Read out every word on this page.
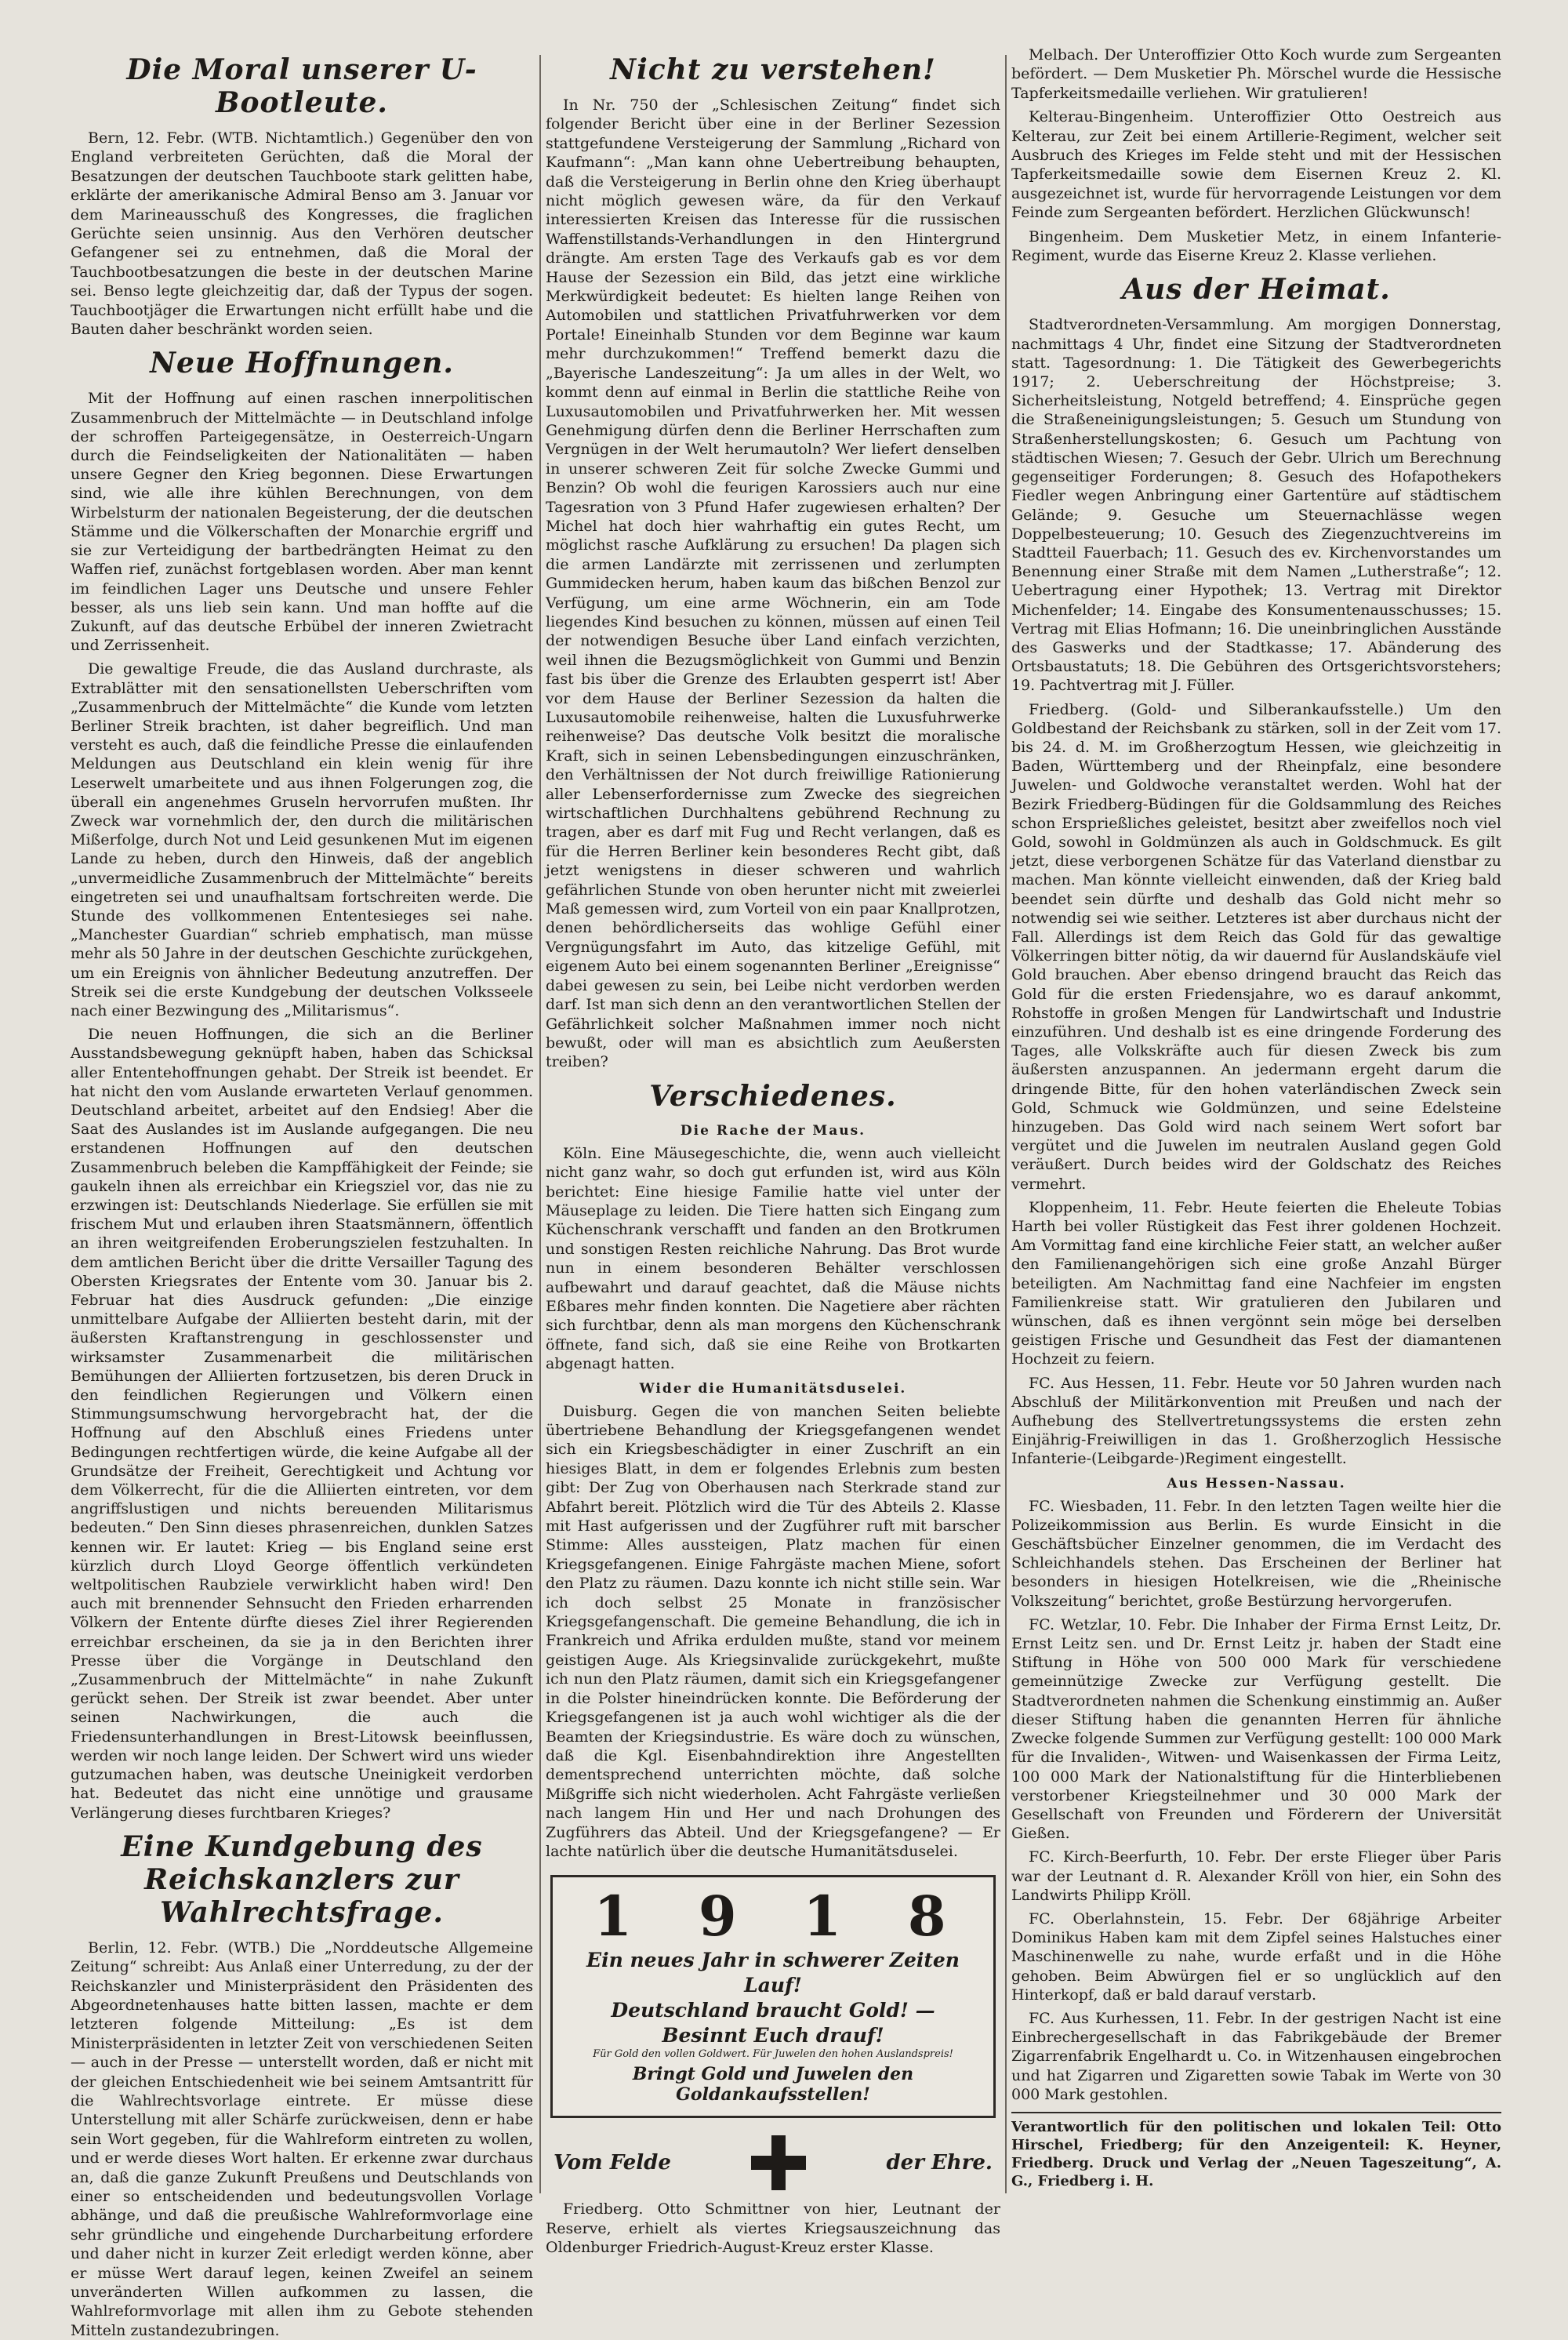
Die Moral unserer U-Bootleute.

Bern, 12. Febr. (WTB. Nichtamtlich.) Gegenüber den von England verbreiteten Gerüchten, daß die Moral der Besatzungen der deutschen Tauchboote stark gelitten habe, erklärte der amerikanische Admiral Benso am 3. Januar vor dem Marineausschuß des Kongresses, die fraglichen Gerüchte seien unsinnig. Aus den Verhören deutscher Gefangener sei zu entnehmen, daß die Moral der Tauchbootbesatzungen die beste in der deutschen Marine sei. Benso legte gleichzeitig dar, daß der Typus der sogen. Tauchbootjäger die Erwartungen nicht erfüllt habe und die Bauten daher beschränkt worden seien.

Neue Hoffnungen.

Mit der Hoffnung auf einen raschen innerpolitischen Zusammenbruch der Mittelmächte — in Deutschland infolge der schroffen Parteigegensätze, in Oesterreich-Ungarn durch die Feindseligkeiten der Nationalitäten — haben unsere Gegner den Krieg begonnen. Diese Erwartungen sind, wie alle ihre kühlen Berechnungen, von dem Wirbelsturm der nationalen Begeisterung, der die deutschen Stämme und die Völkerschaften der Monarchie ergriff und sie zur Verteidigung der bartbedrängten Heimat zu den Waffen rief, zunächst fortgeblasen worden. Aber man kennt im feindlichen Lager uns Deutsche und unsere Fehler besser, als uns lieb sein kann. Und man hoffte auf die Zukunft, auf das deutsche Erbübel der inneren Zwietracht und Zerrissenheit.

Die gewaltige Freude, die das Ausland durchraste, als Extrablätter mit den sensationellsten Ueberschriften vom „Zusammenbruch der Mittelmächte“ die Kunde vom letzten Berliner Streik brachten, ist daher begreiflich. Und man versteht es auch, daß die feindliche Presse die einlaufenden Meldungen aus Deutschland ein klein wenig für ihre Leserwelt umarbeitete und aus ihnen Folgerungen zog, die überall ein angenehmes Gruseln hervorrufen mußten. Ihr Zweck war vornehmlich der, den durch die militärischen Mißerfolge, durch Not und Leid gesunkenen Mut im eigenen Lande zu heben, durch den Hinweis, daß der angeblich „unvermeidliche Zusammenbruch der Mittelmächte“ bereits eingetreten sei und unaufhaltsam fortschreiten werde. Die Stunde des vollkommenen Ententesieges sei nahe. „Manchester Guardian“ schrieb emphatisch, man müsse mehr als 50 Jahre in der deutschen Geschichte zurückgehen, um ein Ereignis von ähnlicher Bedeutung anzutreffen. Der Streik sei die erste Kundgebung der deutschen Volksseele nach einer Bezwingung des „Militarismus“.

Die neuen Hoffnungen, die sich an die Berliner Ausstandsbewegung geknüpft haben, haben das Schicksal aller Ententehoffnungen gehabt. Der Streik ist beendet. Er hat nicht den vom Auslande erwarteten Verlauf genommen. Deutschland arbeitet, arbeitet auf den Endsieg! Aber die Saat des Auslandes ist im Auslande aufgegangen. Die neu erstandenen Hoffnungen auf den deutschen Zusammenbruch beleben die Kampffähigkeit der Feinde; sie gaukeln ihnen als erreichbar ein Kriegsziel vor, das nie zu erzwingen ist: Deutschlands Niederlage. Sie erfüllen sie mit frischem Mut und erlauben ihren Staatsmännern, öffentlich an ihren weitgreifenden Eroberungszielen festzuhalten. In dem amtlichen Bericht über die dritte Versailler Tagung des Obersten Kriegsrates der Entente vom 30. Januar bis 2. Februar hat dies Ausdruck gefunden: „Die einzige unmittelbare Aufgabe der Alliierten besteht darin, mit der äußersten Kraftanstrengung in geschlossenster und wirksamster Zusammenarbeit die militärischen Bemühungen der Alliierten fortzusetzen, bis deren Druck in den feindlichen Regierungen und Völkern einen Stimmungsumschwung hervorgebracht hat, der die Hoffnung auf den Abschluß eines Friedens unter Bedingungen rechtfertigen würde, die keine Aufgabe all der Grundsätze der Freiheit, Gerechtigkeit und Achtung vor dem Völkerrecht, für die die Alliierten eintreten, vor dem angriffslustigen und nichts bereuenden Militarismus bedeuten.“ Den Sinn dieses phrasenreichen, dunklen Satzes kennen wir. Er lautet: Krieg — bis England seine erst kürzlich durch Lloyd George öffentlich verkündeten weltpolitischen Raubziele verwirklicht haben wird! Den auch mit brennender Sehnsucht den Frieden erharrenden Völkern der Entente dürfte dieses Ziel ihrer Regierenden erreichbar erscheinen, da sie ja in den Berichten ihrer Presse über die Vorgänge in Deutschland den „Zusammenbruch der Mittelmächte“ in nahe Zukunft gerückt sehen. Der Streik ist zwar beendet. Aber unter seinen Nachwirkungen, die auch die Friedensunterhandlungen in Brest-Litowsk beeinflussen, werden wir noch lange leiden. Der Schwert wird uns wieder gutzumachen haben, was deutsche Uneinigkeit verdorben hat. Bedeutet das nicht eine unnötige und grausame Verlängerung dieses furchtbaren Krieges?

Eine Kundgebung des Reichskanzlers zur Wahlrechtsfrage.

Berlin, 12. Febr. (WTB.) Die „Norddeutsche Allgemeine Zeitung“ schreibt: Aus Anlaß einer Unterredung, zu der der Reichskanzler und Ministerpräsident den Präsidenten des Abgeordnetenhauses hatte bitten lassen, machte er dem letzteren folgende Mitteilung: „Es ist dem Ministerpräsidenten in letzter Zeit von verschiedenen Seiten — auch in der Presse — unterstellt worden, daß er nicht mit der gleichen Entschiedenheit wie bei seinem Amtsantritt für die Wahlrechtsvorlage eintrete. Er müsse diese Unterstellung mit aller Schärfe zurückweisen, denn er habe sein Wort gegeben, für die Wahlreform eintreten zu wollen, und er werde dieses Wort halten. Er erkenne zwar durchaus an, daß die ganze Zukunft Preußens und Deutschlands von einer so entscheidenden und bedeutungsvollen Vorlage abhänge, und daß die preußische Wahlreformvorlage eine sehr gründliche und eingehende Durcharbeitung erfordere und daher nicht in kurzer Zeit erledigt werden könne, aber er müsse Wert darauf legen, keinen Zweifel an seinem unveränderten Willen aufkommen zu lassen, die Wahlreformvorlage mit allen ihm zu Gebote stehenden Mitteln zustandezubringen.

Nicht zu verstehen!

In Nr. 750 der „Schlesischen Zeitung“ findet sich folgender Bericht über eine in der Berliner Sezession stattgefundene Versteigerung der Sammlung „Richard von Kaufmann“: „Man kann ohne Uebertreibung behaupten, daß die Versteigerung in Berlin ohne den Krieg überhaupt nicht möglich gewesen wäre, da für den Verkauf interessierten Kreisen das Interesse für die russischen Waffenstillstands-Verhandlungen in den Hintergrund drängte. Am ersten Tage des Verkaufs gab es vor dem Hause der Sezession ein Bild, das jetzt eine wirkliche Merkwürdigkeit bedeutet: Es hielten lange Reihen von Automobilen und stattlichen Privatfuhrwerken vor dem Portale! Eineinhalb Stunden vor dem Beginne war kaum mehr durchzukommen!“ Treffend bemerkt dazu die „Bayerische Landeszeitung“: Ja um alles in der Welt, wo kommt denn auf einmal in Berlin die stattliche Reihe von Luxusautomobilen und Privatfuhrwerken her. Mit wessen Genehmigung dürfen denn die Berliner Herrschaften zum Vergnügen in der Welt herumautoln? Wer liefert denselben in unserer schweren Zeit für solche Zwecke Gummi und Benzin? Ob wohl die feurigen Karossiers auch nur eine Tagesration von 3 Pfund Hafer zugewiesen erhalten? Der Michel hat doch hier wahrhaftig ein gutes Recht, um möglichst rasche Aufklärung zu ersuchen! Da plagen sich die armen Landärzte mit zerrissenen und zerlumpten Gummidecken herum, haben kaum das bißchen Benzol zur Verfügung, um eine arme Wöchnerin, ein am Tode liegendes Kind besuchen zu können, müssen auf einen Teil der notwendigen Besuche über Land einfach verzichten, weil ihnen die Bezugsmöglichkeit von Gummi und Benzin fast bis über die Grenze des Erlaubten gesperrt ist! Aber vor dem Hause der Berliner Sezession da halten die Luxusautomobile reihenweise, halten die Luxusfuhrwerke reihenweise? Das deutsche Volk besitzt die moralische Kraft, sich in seinen Lebensbedingungen einzuschränken, den Verhältnissen der Not durch freiwillige Rationierung aller Lebenserfordernisse zum Zwecke des siegreichen wirtschaftlichen Durchhaltens gebührend Rechnung zu tragen, aber es darf mit Fug und Recht verlangen, daß es für die Herren Berliner kein besonderes Recht gibt, daß jetzt wenigstens in dieser schweren und wahrlich gefährlichen Stunde von oben herunter nicht mit zweierlei Maß gemessen wird, zum Vorteil von ein paar Knallprotzen, denen behördlicherseits das wohlige Gefühl einer Vergnügungsfahrt im Auto, das kitzelige Gefühl, mit eigenem Auto bei einem sogenannten Berliner „Ereignisse“ dabei gewesen zu sein, bei Leibe nicht verdorben werden darf. Ist man sich denn an den verantwortlichen Stellen der Gefährlichkeit solcher Maßnahmen immer noch nicht bewußt, oder will man es absichtlich zum Aeußersten treiben?

Verschiedenes.
Die Rache der Maus.

Köln. Eine Mäusegeschichte, die, wenn auch vielleicht nicht ganz wahr, so doch gut erfunden ist, wird aus Köln berichtet: Eine hiesige Familie hatte viel unter der Mäuseplage zu leiden. Die Tiere hatten sich Eingang zum Küchenschrank verschafft und fanden an den Brotkrumen und sonstigen Resten reichliche Nahrung. Das Brot wurde nun in einem besonderen Behälter verschlossen aufbewahrt und darauf geachtet, daß die Mäuse nichts Eßbares mehr finden konnten. Die Nagetiere aber rächten sich furchtbar, denn als man morgens den Küchenschrank öffnete, fand sich, daß sie eine Reihe von Brotkarten abgenagt hatten.

Wider die Humanitätsduselei.

Duisburg. Gegen die von manchen Seiten beliebte übertriebene Behandlung der Kriegsgefangenen wendet sich ein Kriegsbeschädigter in einer Zuschrift an ein hiesiges Blatt, in dem er folgendes Erlebnis zum besten gibt: Der Zug von Oberhausen nach Sterkrade stand zur Abfahrt bereit. Plötzlich wird die Tür des Abteils 2. Klasse mit Hast aufgerissen und der Zugführer ruft mit barscher Stimme: Alles aussteigen, Platz machen für einen Kriegsgefangenen. Einige Fahrgäste machen Miene, sofort den Platz zu räumen. Dazu konnte ich nicht stille sein. War ich doch selbst 25 Monate in französischer Kriegsgefangenschaft. Die gemeine Behandlung, die ich in Frankreich und Afrika erdulden mußte, stand vor meinem geistigen Auge. Als Kriegsinvalide zurückgekehrt, mußte ich nun den Platz räumen, damit sich ein Kriegsgefangener in die Polster hineindrücken konnte. Die Beförderung der Kriegsgefangenen ist ja auch wohl wichtiger als die der Beamten der Kriegsindustrie. Es wäre doch zu wünschen, daß die Kgl. Eisenbahndirektion ihre Angestellten dementsprechend unterrichten möchte, daß solche Mißgriffe sich nicht wiederholen. Acht Fahrgäste verließen nach langem Hin und Her und nach Drohungen des Zugführers das Abteil. Und der Kriegsgefangene? — Er lachte natürlich über die deutsche Humanitätsduselei.

1 9 1 8
Ein neues Jahr in schwerer Zeiten Lauf!
Deutschland braucht Gold! —
Besinnt Euch drauf!
Für Gold den vollen Goldwert. Für Juwelen den hohen Auslandspreis!
Bringt Gold und Juwelen den Goldankaufsstellen!
Vom Felde	der Ehre.

Friedberg. Otto Schmittner von hier, Leutnant der Reserve, erhielt als viertes Kriegsauszeichnung das Oldenburger Friedrich-August-Kreuz erster Klasse.

Melbach. Der Unteroffizier Otto Koch wurde zum Sergeanten befördert. — Dem Musketier Ph. Mörschel wurde die Hessische Tapferkeitsmedaille verliehen. Wir gratulieren!

Kelterau-Bingenheim. Unteroffizier Otto Oestreich aus Kelterau, zur Zeit bei einem Artillerie-Regiment, welcher seit Ausbruch des Krieges im Felde steht und mit der Hessischen Tapferkeitsmedaille sowie dem Eisernen Kreuz 2. Kl. ausgezeichnet ist, wurde für hervorragende Leistungen vor dem Feinde zum Sergeanten befördert. Herzlichen Glückwunsch!

Bingenheim. Dem Musketier Metz, in einem Infanterie-Regiment, wurde das Eiserne Kreuz 2. Klasse verliehen.

Aus der Heimat.

Stadtverordneten-Versammlung. Am morgigen Donnerstag, nachmittags 4 Uhr, findet eine Sitzung der Stadtverordneten statt. Tagesordnung: 1. Die Tätigkeit des Gewerbegerichts 1917; 2. Ueberschreitung der Höchstpreise; 3. Sicherheitsleistung, Notgeld betreffend; 4. Einsprüche gegen die Straßeneinigungsleistungen; 5. Gesuch um Stundung von Straßenherstellungskosten; 6. Gesuch um Pachtung von städtischen Wiesen; 7. Gesuch der Gebr. Ulrich um Berechnung gegenseitiger Forderungen; 8. Gesuch des Hofapothekers Fiedler wegen Anbringung einer Gartentüre auf städtischem Gelände; 9. Gesuche um Steuernachlässe wegen Doppelbesteuerung; 10. Gesuch des Ziegenzuchtvereins im Stadtteil Fauerbach; 11. Gesuch des ev. Kirchenvorstandes um Benennung einer Straße mit dem Namen „Lutherstraße“; 12. Uebertragung einer Hypothek; 13. Vertrag mit Direktor Michenfelder; 14. Eingabe des Konsumentenausschusses; 15. Vertrag mit Elias Hofmann; 16. Die uneinbringlichen Ausstände des Gaswerks und der Stadtkasse; 17. Abänderung des Ortsbaustatuts; 18. Die Gebühren des Ortsgerichtsvorstehers; 19. Pachtvertrag mit J. Füller.

Friedberg. (Gold- und Silberankaufsstelle.) Um den Goldbestand der Reichsbank zu stärken, soll in der Zeit vom 17. bis 24. d. M. im Großherzogtum Hessen, wie gleichzeitig in Baden, Württemberg und der Rheinpfalz, eine besondere Juwelen- und Goldwoche veranstaltet werden. Wohl hat der Bezirk Friedberg-Büdingen für die Goldsammlung des Reiches schon Ersprießliches geleistet, besitzt aber zweifellos noch viel Gold, sowohl in Goldmünzen als auch in Goldschmuck. Es gilt jetzt, diese verborgenen Schätze für das Vaterland dienstbar zu machen. Man könnte vielleicht einwenden, daß der Krieg bald beendet sein dürfte und deshalb das Gold nicht mehr so notwendig sei wie seither. Letzteres ist aber durchaus nicht der Fall. Allerdings ist dem Reich das Gold für das gewaltige Völkerringen bitter nötig, da wir dauernd für Auslandskäufe viel Gold brauchen. Aber ebenso dringend braucht das Reich das Gold für die ersten Friedensjahre, wo es darauf ankommt, Rohstoffe in großen Mengen für Landwirtschaft und Industrie einzuführen. Und deshalb ist es eine dringende Forderung des Tages, alle Volkskräfte auch für diesen Zweck bis zum äußersten anzuspannen. An jedermann ergeht darum die dringende Bitte, für den hohen vaterländischen Zweck sein Gold, Schmuck wie Goldmünzen, und seine Edelsteine hinzugeben. Das Gold wird nach seinem Wert sofort bar vergütet und die Juwelen im neutralen Ausland gegen Gold veräußert. Durch beides wird der Goldschatz des Reiches vermehrt.

Kloppenheim, 11. Febr. Heute feierten die Eheleute Tobias Harth bei voller Rüstigkeit das Fest ihrer goldenen Hochzeit. Am Vormittag fand eine kirchliche Feier statt, an welcher außer den Familienangehörigen sich eine große Anzahl Bürger beteiligten. Am Nachmittag fand eine Nachfeier im engsten Familienkreise statt. Wir gratulieren den Jubilaren und wünschen, daß es ihnen vergönnt sein möge bei derselben geistigen Frische und Gesundheit das Fest der diamantenen Hochzeit zu feiern.

FC. Aus Hessen, 11. Febr. Heute vor 50 Jahren wurden nach Abschluß der Militärkonvention mit Preußen und nach der Aufhebung des Stellvertretungssystems die ersten zehn Einjährig-Freiwilligen in das 1. Großherzoglich Hessische Infanterie-(Leibgarde-)Regiment eingestellt.

Aus Hessen-Nassau.

FC. Wiesbaden, 11. Febr. In den letzten Tagen weilte hier die Polizeikommission aus Berlin. Es wurde Einsicht in die Geschäftsbücher Einzelner genommen, die im Verdacht des Schleichhandels stehen. Das Erscheinen der Berliner hat besonders in hiesigen Hotelkreisen, wie die „Rheinische Volkszeitung“ berichtet, große Bestürzung hervorgerufen.

FC. Wetzlar, 10. Febr. Die Inhaber der Firma Ernst Leitz, Dr. Ernst Leitz sen. und Dr. Ernst Leitz jr. haben der Stadt eine Stiftung in Höhe von 500 000 Mark für verschiedene gemeinnützige Zwecke zur Verfügung gestellt. Die Stadtverordneten nahmen die Schenkung einstimmig an. Außer dieser Stiftung haben die genannten Herren für ähnliche Zwecke folgende Summen zur Verfügung gestellt: 100 000 Mark für die Invaliden-, Witwen- und Waisenkassen der Firma Leitz, 100 000 Mark der Nationalstiftung für die Hinterbliebenen verstorbener Kriegsteilnehmer und 30 000 Mark der Gesellschaft von Freunden und Förderern der Universität Gießen.

FC. Kirch-Beerfurth, 10. Febr. Der erste Flieger über Paris war der Leutnant d. R. Alexander Kröll von hier, ein Sohn des Landwirts Philipp Kröll.

FC. Oberlahnstein, 15. Febr. Der 68jährige Arbeiter Dominikus Haben kam mit dem Zipfel seines Halstuches einer Maschinenwelle zu nahe, wurde erfaßt und in die Höhe gehoben. Beim Abwürgen fiel er so unglücklich auf den Hinterkopf, daß er bald darauf verstarb.

FC. Aus Kurhessen, 11. Febr. In der gestrigen Nacht ist eine Einbrechergesellschaft in das Fabrikgebäude der Bremer Zigarrenfabrik Engelhardt u. Co. in Witzenhausen eingebrochen und hat Zigarren und Zigaretten sowie Tabak im Werte von 30 000 Mark gestohlen.

Verantwortlich für den politischen und lokalen Teil: Otto Hirschel, Friedberg; für den Anzeigenteil: K. Heyner, Friedberg. Druck und Verlag der „Neuen Tageszeitung“, A. G., Friedberg i. H.
